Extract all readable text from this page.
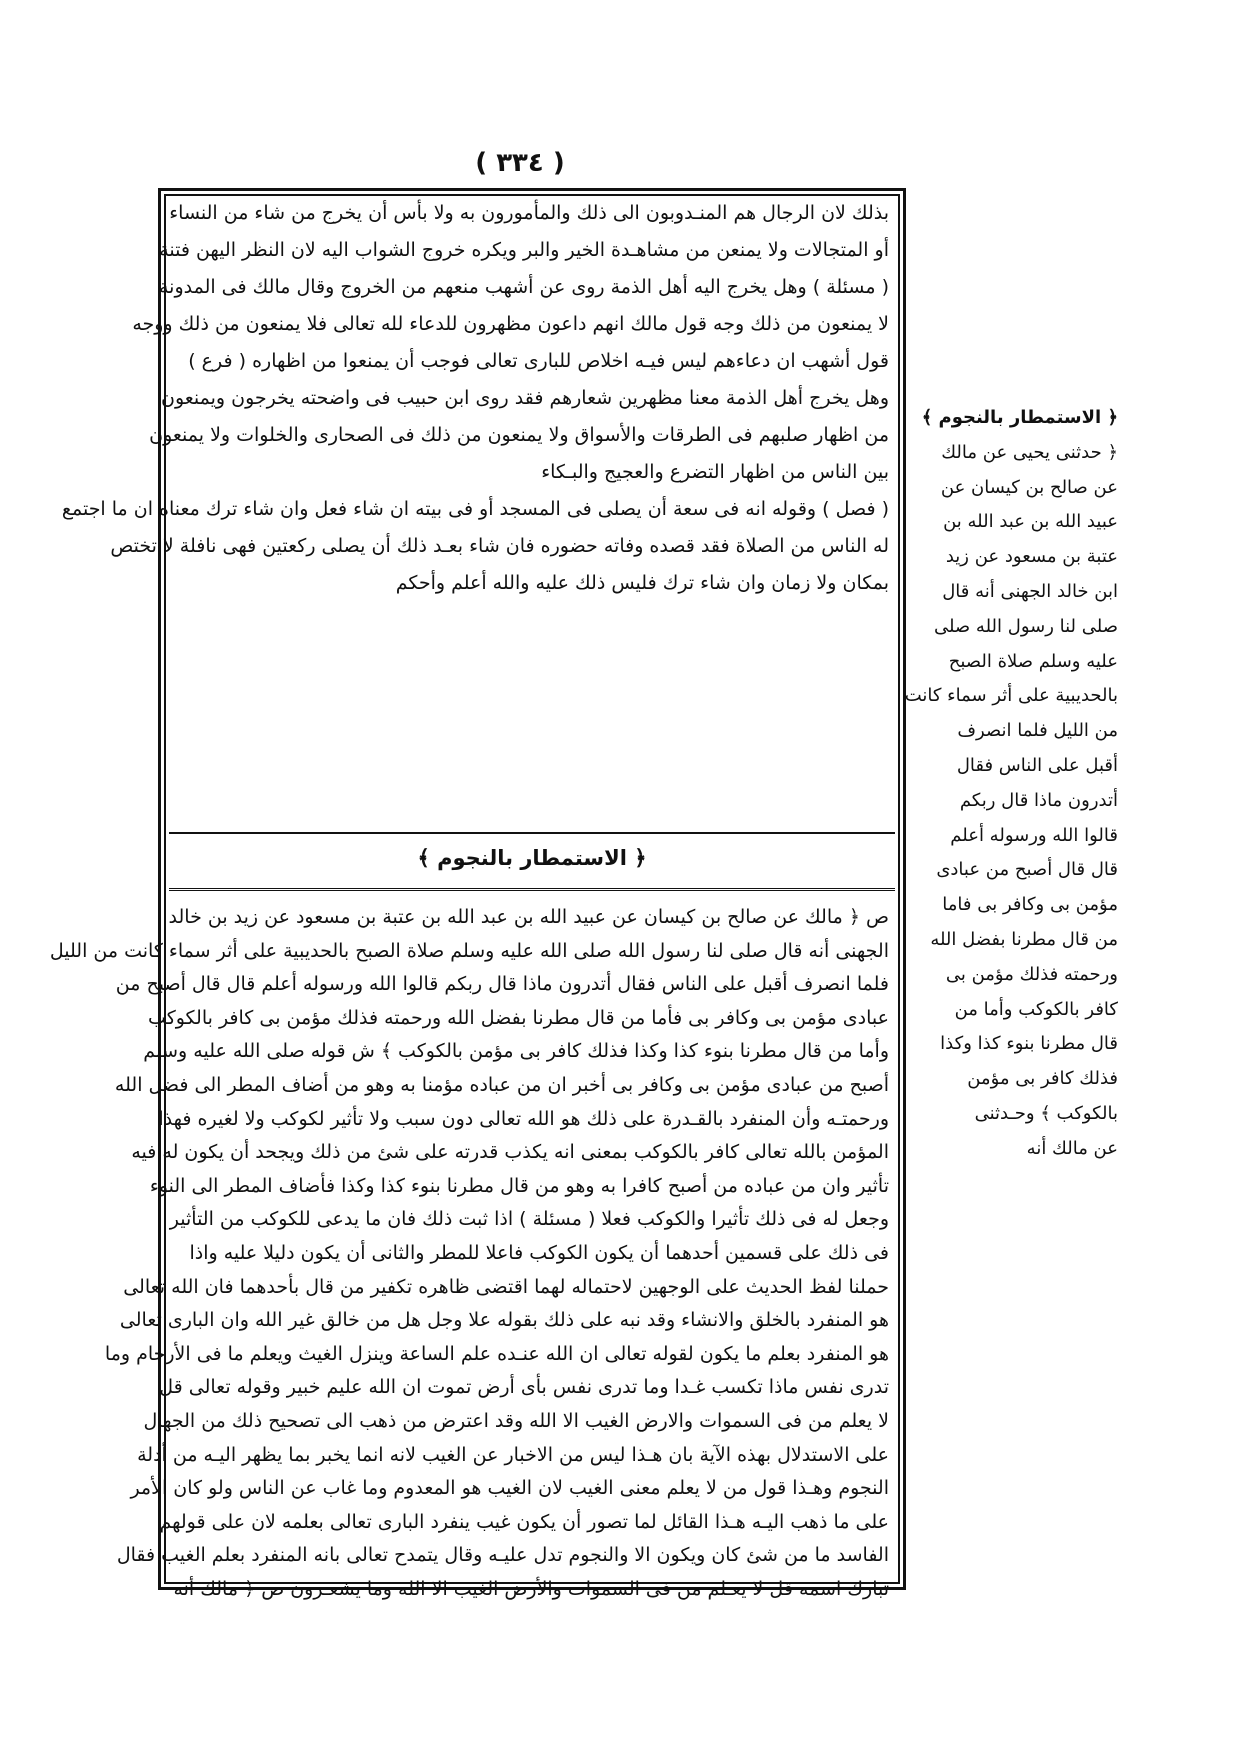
( ٣٣٤ )
بذلك لان الرجال هم المنـدوبون الى ذلك والمأمورون به ولا بأس أن يخرج من شاء من النساء
أو المتجالات ولا يمنعن من مشاهـدة الخير والبر ويكره خروج الشواب اليه لان النظر اليهن فتنة
( مسئلة ) وهل يخرج اليه أهل الذمة روى عن أشهب منعهم من الخروج وقال مالك فى المدونة
لا يمنعون من ذلك وجه قول مالك انهم داعون مظهرون للدعاء لله تعالى فلا يمنعون من ذلك ووجه
قول أشهب ان دعاءهم ليس فيـه اخلاص للبارى تعالى فوجب أن يمنعوا من اظهاره ( فرع )
وهل يخرج أهل الذمة معنا مظهرين شعارهم فقد روى ابن حبيب فى واضحته يخرجون ويمنعون
من اظهار صلبهم فى الطرقات والأسواق ولا يمنعون من ذلك فى الصحارى والخلوات ولا يمنعون
بين الناس من اظهار التضرع والعجيج والبـكاء
( فصل ) وقوله انه فى سعة أن يصلى فى المسجد أو فى بيته ان شاء فعل وان شاء ترك معناه ان ما اجتمع
له الناس من الصلاة فقد قصده وفاته حضوره فان شاء بعـد ذلك أن يصلى ركعتين فهى نافلة لا تختص
بمكان ولا زمان وان شاء ترك فليس ذلك عليه والله أعلم وأحكم
﴿ الاستمطار بالنجوم ﴾
ص ﴿ مالك عن صالح بن كيسان عن عبيد الله بن عبد الله بن عتبة بن مسعود عن زيد بن خالد
الجهنى أنه قال صلى لنا رسول الله صلى الله عليه وسلم صلاة الصبح بالحديبية على أثر سماء كانت من الليل
فلما انصرف أقبل على الناس فقال أتدرون ماذا قال ربكم قالوا الله ورسوله أعلم قال قال أصبح من
عبادى مؤمن بى وكافر بى فأما من قال مطرنا بفضل الله ورحمته فذلك مؤمن بى كافر بالكوكب
وأما من قال مطرنا بنوء كذا وكذا فذلك كافر بى مؤمن بالكوكب ﴾ ش قوله صلى الله عليه وسلم
أصبح من عبادى مؤمن بى وكافر بى أخبر ان من عباده مؤمنا به وهو من أضاف المطر الى فضل الله
ورحمتـه وأن المنفرد بالقـدرة على ذلك هو الله تعالى دون سبب ولا تأثير لكوكب ولا لغيره فهذا
المؤمن بالله تعالى كافر بالكوكب بمعنى انه يكذب قدرته على شئ من ذلك ويجحد أن يكون له فيه
تأثير وان من عباده من أصبح كافرا به وهو من قال مطرنا بنوء كذا وكذا فأضاف المطر الى النوء
وجعل له فى ذلك تأثيرا والكوكب فعلا ( مسئلة ) اذا ثبت ذلك فان ما يدعى للكوكب من التأثير
فى ذلك على قسمين أحدهما أن يكون الكوكب فاعلا للمطر والثانى أن يكون دليلا عليه واذا
حملنا لفظ الحديث على الوجهين لاحتماله لهما اقتضى ظاهره تكفير من قال بأحدهما فان الله تعالى
هو المنفرد بالخلق والانشاء وقد نبه على ذلك بقوله علا وجل هل من خالق غير الله وان البارى تعالى
هو المنفرد بعلم ما يكون لقوله تعالى ان الله عنـده علم الساعة وينزل الغيث ويعلم ما فى الأرحام وما
تدرى نفس ماذا تكسب غـدا وما تدرى نفس بأى أرض تموت ان الله عليم خبير وقوله تعالى قل
لا يعلم من فى السموات والارض الغيب الا الله وقد اعترض من ذهب الى تصحيح ذلك من الجهال
على الاستدلال بهذه الآية بان هـذا ليس من الاخبار عن الغيب لانه انما يخبر بما يظهر اليـه من أدلة
النجوم وهـذا قول من لا يعلم معنى الغيب لان الغيب هو المعدوم وما غاب عن الناس ولو كان الأمر
على ما ذهب اليـه هـذا القائل لما تصور أن يكون غيب ينفرد البارى تعالى بعلمه لان على قولهم
الفاسد ما من شئ كان ويكون الا والنجوم تدل عليـه وقال يتمدح تعالى بانه المنفرد بعلم الغيب فقال
تبارك اسمه قل لا يعـلم من فى السموات والأرض الغيب الا الله وما يشعـرون ص ﴿ مالك أنه
﴿ الاستمطار بالنجوم ﴾
﴿ حدثنى يحيى عن مالك
عن صالح بن كيسان عن
عبيد الله بن عبد الله بن
عتبة بن مسعود عن زيد
ابن خالد الجهنى أنه قال
صلى لنا رسول الله صلى
عليه وسلم صلاة الصبح
بالحديبية على أثر سماء كانت
من الليل فلما انصرف
أقبل على الناس فقال
أتدرون ماذا قال ربكم
قالوا الله ورسوله أعلم
قال قال أصبح من عبادى
مؤمن بى وكافر بى فاما
من قال مطرنا بفضل الله
ورحمته فذلك مؤمن بى
كافر بالكوكب وأما من
قال مطرنا بنوء كذا وكذا
فذلك كافر بى مؤمن
بالكوكب ﴾ وحـدثنى
عن مالك أنه
